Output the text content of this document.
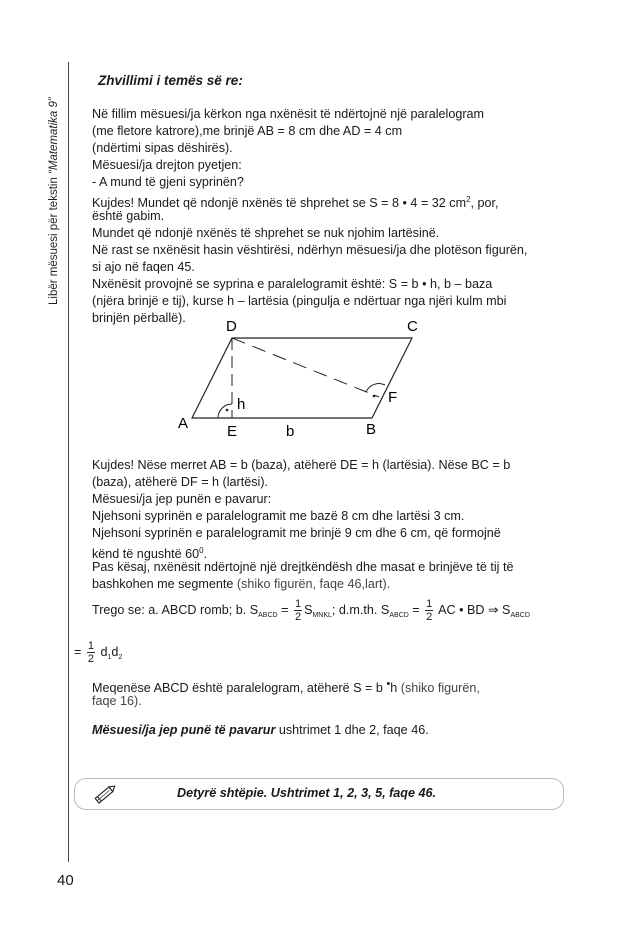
Libër mësuesi për tekstin “Matematika 9”
40
Zhvillimi i temës së re:
Në fillim mësuesi/ja kërkon nga nxënësit të ndërtojnë një paralelogram
(me fletore katrore),me brinjë AB = 8 cm dhe AD = 4 cm
(ndërtimi sipas dëshirës).
Mësuesi/ja drejton pyetjen:
- A mund të gjeni syprinën?
Kujdes! Mundet që ndonjë nxënës të shprehet se S = 8 • 4 = 32 $cm^2$, por,
është gabim.
Mundet që ndonjë nxënës të shprehet se nuk njohim lartësinë.
Në rast se nxënësit hasin vështirësi, ndërhyn mësuesi/ja dhe plotëson figurën,
si ajo në faqen 45.
Nxënësit provojnë se syprina e paralelogramit është: S = b • h, b – baza
(njëra brinjë e tij), kurse h – lartësia (pingulja e ndërtuar nga njëri kulm mbi
brinjën përballë).
A	B
C
D
E
F
h
b
Kujdes! Nëse merret AB = b (baza), atëherë DE = h (lartësia). Nëse BC = b
(baza), atëherë DF = h (lartësi).
Mësuesi/ja jep punën e pavarur:
Njehsoni syprinën e paralelogramit me bazë 8 cm dhe lartësi 3 cm.
Njehsoni syprinën e paralelogramit me brinjë 9 cm dhe 6 cm, që formojnë
kënd të ngushtë $60^0$.
Pas kësaj, nxënësit ndërtojnë një drejtkëndësh dhe masat e brinjëve të tij të
bashkohen me segmente (shiko figurën, faqe 46,lart).
Trego se: a. ABCD romb; b. $S_{ABCD} = \frac{1}{2} S_{MNKL}$; d.m.th. $S_{ABCD} = \frac{1}{2}$ AC • BD ⇒ $S_{ABCD}$
= $\frac{1}{2} d_1d_2$
Meqenëse ABCD është paralelogram, atëherë S = b •h (shiko figurën,
faqe 16).
Mësuesi/ja jep punë të pavarur ushtrimet 1 dhe 2, faqe 46.
Detyrë shtëpie. Ushtrimet 1, 2, 3, 5, faqe 46.
